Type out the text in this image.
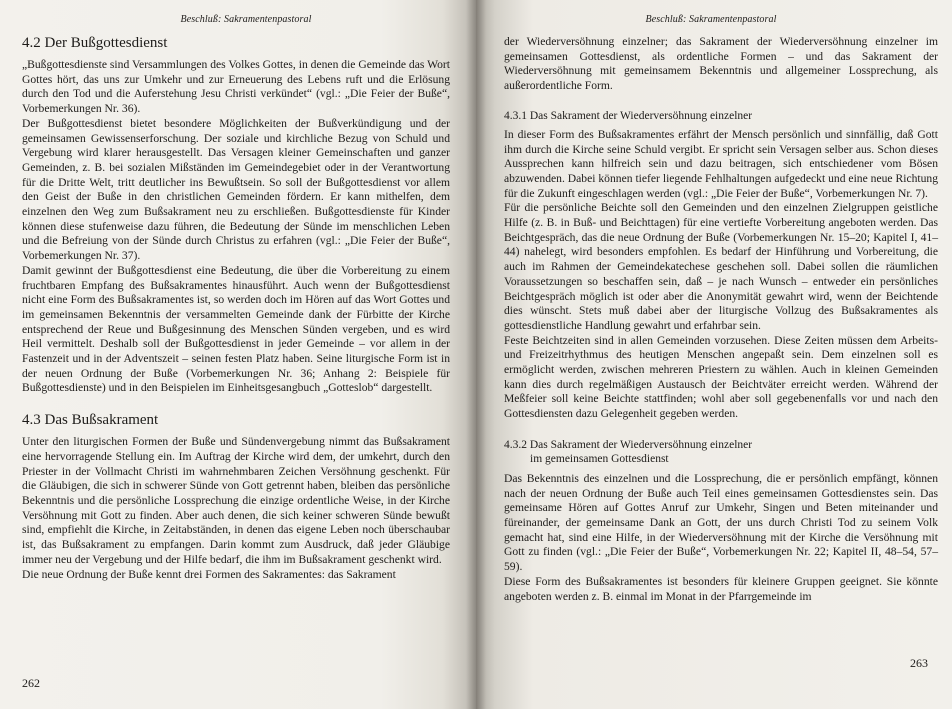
Beschluß: Sakramentenpastoral
4.2 Der Bußgottesdienst

„Bußgottesdienste sind Versammlungen des Volkes Gottes, in denen die Gemeinde das Wort Gottes hört, das uns zur Umkehr und zur Erneuerung des Lebens ruft und die Erlösung durch den Tod und die Auferstehung Jesu Christi verkündet“ (vgl.: „Die Feier der Buße“, Vorbemerkungen Nr. 36).

Der Bußgottesdienst bietet besondere Möglichkeiten der Bußverkündigung und der gemeinsamen Gewissenserforschung. Der soziale und kirchliche Bezug von Schuld und Vergebung wird klarer herausgestellt. Das Versagen kleiner Gemeinschaften und ganzer Gemeinden, z. B. bei sozialen Mißständen im Gemeindegebiet oder in der Verantwortung für die Dritte Welt, tritt deutlicher ins Bewußtsein. So soll der Bußgottesdienst vor allem den Geist der Buße in den christlichen Gemeinden fördern. Er kann mithelfen, dem einzelnen den Weg zum Bußsakrament neu zu erschließen. Bußgottesdienste für Kinder können diese stufenweise dazu führen, die Bedeutung der Sünde im menschlichen Leben und die Befreiung von der Sünde durch Christus zu erfahren (vgl.: „Die Feier der Buße“, Vorbemerkungen Nr. 37).

Damit gewinnt der Bußgottesdienst eine Bedeutung, die über die Vorbereitung zu einem fruchtbaren Empfang des Bußsakramentes hinausführt. Auch wenn der Bußgottesdienst nicht eine Form des Bußsakramentes ist, so werden doch im Hören auf das Wort Gottes und im gemeinsamen Bekenntnis der versammelten Gemeinde dank der Fürbitte der Kirche entsprechend der Reue und Bußgesinnung des Menschen Sünden vergeben, und es wird Heil vermittelt. Deshalb soll der Bußgottesdienst in jeder Gemeinde – vor allem in der Fastenzeit und in der Adventszeit – seinen festen Platz haben. Seine liturgische Form ist in der neuen Ordnung der Buße (Vorbemerkungen Nr. 36; Anhang 2: Beispiele für Bußgottesdienste) und in den Beispielen im Einheitsgesangbuch „Gotteslob“ dargestellt.

4.3 Das Bußsakrament

Unter den liturgischen Formen der Buße und Sündenvergebung nimmt das Bußsakrament eine hervorragende Stellung ein. Im Auftrag der Kirche wird dem, der umkehrt, durch den Priester in der Vollmacht Christi im wahrnehmbaren Zeichen Versöhnung geschenkt. Für die Gläubigen, die sich in schwerer Sünde von Gott getrennt haben, bleiben das persönliche Bekenntnis und die persönliche Lossprechung die einzige ordentliche Weise, in der Kirche Versöhnung mit Gott zu finden. Aber auch denen, die sich keiner schweren Sünde bewußt sind, empfiehlt die Kirche, in Zeitabständen, in denen das eigene Leben noch überschaubar ist, das Bußsakrament zu empfangen. Darin kommt zum Ausdruck, daß jeder Gläubige immer neu der Vergebung und der Hilfe bedarf, die ihm im Bußsakrament geschenkt wird.

Die neue Ordnung der Buße kennt drei Formen des Sakramentes: das Sakrament

262
Beschluß: Sakramentenpastoral

der Wiederversöhnung einzelner; das Sakrament der Wiederversöhnung einzelner im gemeinsamen Gottesdienst, als ordentliche Formen – und das Sakrament der Wiederversöhnung mit gemeinsamem Bekenntnis und allgemeiner Lossprechung, als außerordentliche Form.

4.3.1 Das Sakrament der Wiederversöhnung einzelner

In dieser Form des Bußsakramentes erfährt der Mensch persönlich und sinnfällig, daß Gott ihm durch die Kirche seine Schuld vergibt. Er spricht sein Versagen selber aus. Schon dieses Aussprechen kann hilfreich sein und dazu beitragen, sich entschiedener vom Bösen abzuwenden. Dabei können tiefer liegende Fehlhaltungen aufgedeckt und eine neue Richtung für die Zukunft eingeschlagen werden (vgl.: „Die Feier der Buße“, Vorbemerkungen Nr. 7).

Für die persönliche Beichte soll den Gemeinden und den einzelnen Zielgruppen geistliche Hilfe (z. B. in Buß- und Beichttagen) für eine vertiefte Vorbereitung angeboten werden. Das Beichtgespräch, das die neue Ordnung der Buße (Vorbemerkungen Nr. 15–20; Kapitel I, 41–44) nahelegt, wird besonders empfohlen. Es bedarf der Hinführung und Vorbereitung, die auch im Rahmen der Gemeindekatechese geschehen soll. Dabei sollen die räumlichen Voraussetzungen so beschaffen sein, daß – je nach Wunsch – entweder ein persönliches Beichtgespräch möglich ist oder aber die Anonymität gewahrt wird, wenn der Beichtende dies wünscht. Stets muß dabei aber der liturgische Vollzug des Bußsakramentes als gottesdienstliche Handlung gewahrt und erfahrbar sein.

Feste Beichtzeiten sind in allen Gemeinden vorzusehen. Diese Zeiten müssen dem Arbeits- und Freizeitrhythmus des heutigen Menschen angepaßt sein. Dem einzelnen soll es ermöglicht werden, zwischen mehreren Priestern zu wählen. Auch in kleinen Gemeinden kann dies durch regelmäßigen Austausch der Beichtväter erreicht werden. Während der Meßfeier soll keine Beichte stattfinden; wohl aber soll gegebenenfalls vor und nach den Gottesdiensten dazu Gelegenheit gegeben werden.

4.3.2 Das Sakrament der Wiederversöhnung einzelner

im gemeinsamen Gottesdienst

Das Bekenntnis des einzelnen und die Lossprechung, die er persönlich empfängt, können nach der neuen Ordnung der Buße auch Teil eines gemeinsamen Gottesdienstes sein. Das gemeinsame Hören auf Gottes Anruf zur Umkehr, Singen und Beten miteinander und füreinander, der gemeinsame Dank an Gott, der uns durch Christi Tod zu seinem Volk gemacht hat, sind eine Hilfe, in der Wiederversöhnung mit der Kirche die Versöhnung mit Gott zu finden (vgl.: „Die Feier der Buße“, Vorbemerkungen Nr. 22; Kapitel II, 48–54, 57–59).

Diese Form des Bußsakramentes ist besonders für kleinere Gruppen geeignet. Sie könnte angeboten werden z. B. einmal im Monat in der Pfarrgemeinde im

263
